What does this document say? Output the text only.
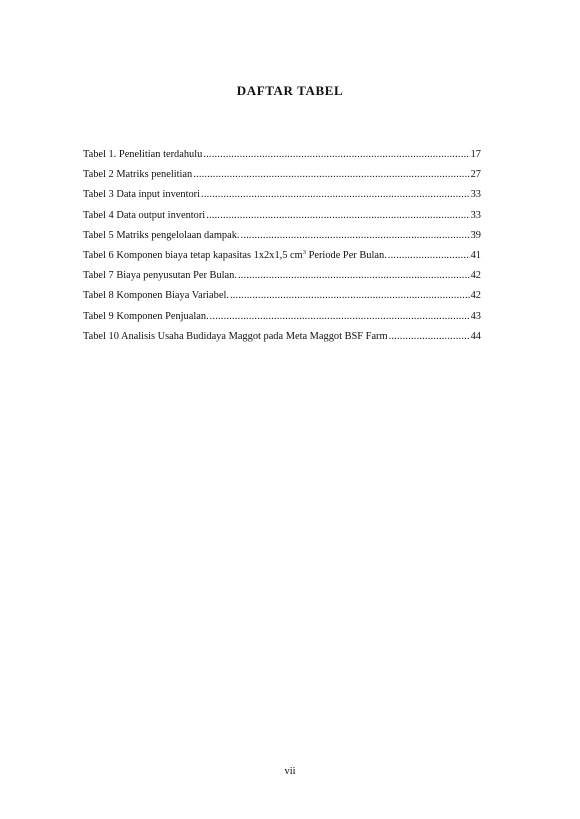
DAFTAR TABEL
Tabel 1. Penelitian terdahulu .....	17
Tabel 2 Matriks penelitian .....	27
Tabel 3 Data input inventori .....	33
Tabel 4 Data output inventori .....	33
Tabel 5 Matriks pengelolaan dampak. .....	39
Tabel 6 Komponen biaya tetap kapasitas 1x2x1,5 $cm^3$ Periode Per Bulan. .....	41
Tabel 7 Biaya penyusutan Per Bulan. .....	42
Tabel 8 Komponen Biaya Variabel. .....	42
Tabel 9 Komponen Penjualan. .....	43
Tabel 10 Analisis Usaha Budidaya Maggot pada Meta Maggot BSF Farm .....	44
vii
